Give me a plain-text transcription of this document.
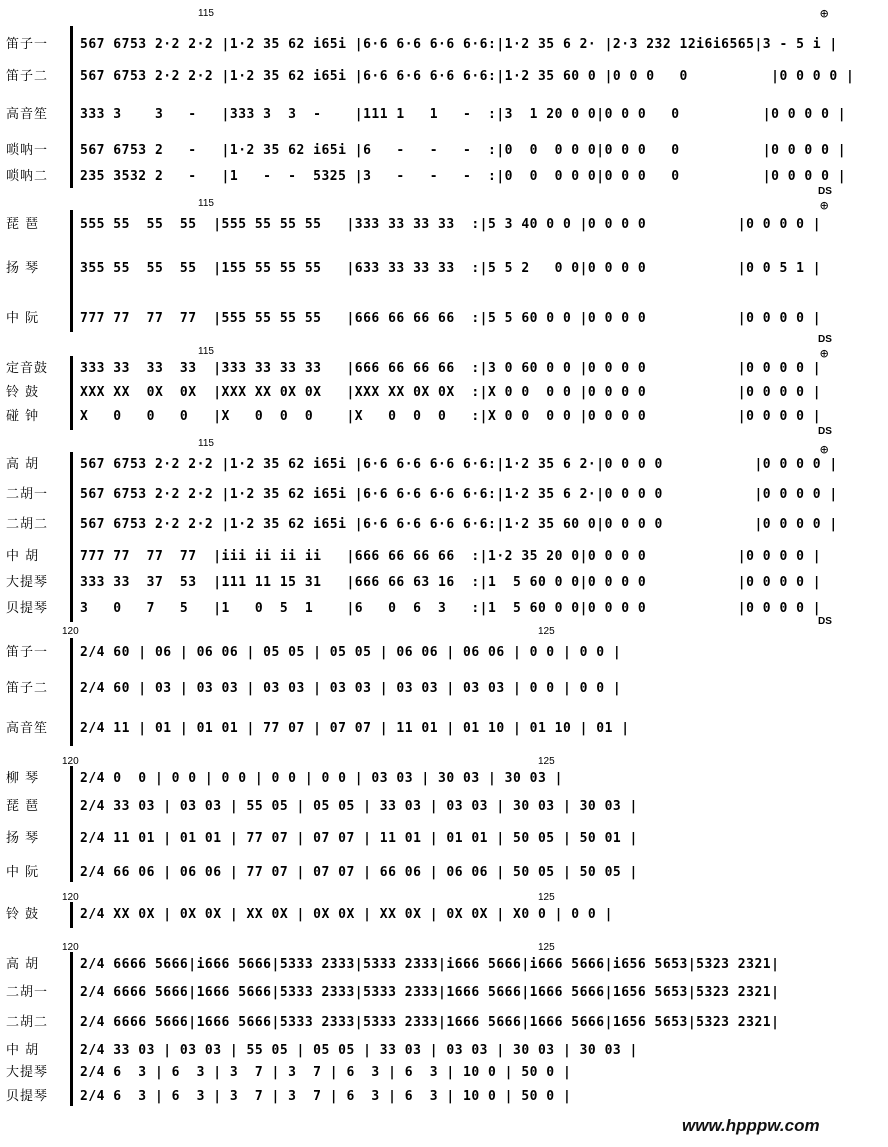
115	⊕
笛子一	567 6753 2·2 2·2 |1·2 35 62 i65i |6·6 6·6 6·6 6·6:|1·2 35 6 2· |2·3 232 12i6i6565|3 - 5 i |
笛子二	567 6753 2·2 2·2 |1·2 35 62 i65i |6·6 6·6 6·6 6·6:|1·2 35 60 0 |0 0 0   0          |0 0 0 0 |
高音笙	333 3    3   -   |333 3  3  -    |111 1   1   -  :|3  1 20 0 0|0 0 0   0          |0 0 0 0 |
唢呐一	567 6753 2   -   |1·2 35 62 i65i |6   -   -   -  :|0  0  0 0 0|0 0 0   0          |0 0 0 0 |
唢呐二	235 3532 2   -   |1   -  -  5325 |3   -   -   -  :|0  0  0 0 0|0 0 0   0          |0 0 0 0 |
DS
115	⊕
琵 琶	555 55  55  55  |555 55 55 55   |333 33 33 33  :|5 3 40 0 0 |0 0 0 0           |0 0 0 0 |
扬 琴	355 55  55  55  |155 55 55 55   |633 33 33 33  :|5 5 2   0 0|0 0 0 0           |0 0 5 1 |
中 阮	777 77  77  77  |555 55 55 55   |666 66 66 66  :|5 5 60 0 0 |0 0 0 0           |0 0 0 0 |
DS
115	⊕
定音鼓	333 33  33  33  |333 33 33 33   |666 66 66 66  :|3 0 60 0 0 |0 0 0 0           |0 0 0 0 |
铃 鼓	XXX XX  0X  0X  |XXX XX 0X 0X   |XXX XX 0X 0X  :|X 0 0  0 0 |0 0 0 0           |0 0 0 0 |
碰 钟	X   0   0   0   |X   0  0  0    |X   0  0  0   :|X 0 0  0 0 |0 0 0 0           |0 0 0 0 |
DS
115	⊕
高 胡	567 6753 2·2 2·2 |1·2 35 62 i65i |6·6 6·6 6·6 6·6:|1·2 35 6 2·|0 0 0 0           |0 0 0 0 |
二胡一	567 6753 2·2 2·2 |1·2 35 62 i65i |6·6 6·6 6·6 6·6:|1·2 35 6 2·|0 0 0 0           |0 0 0 0 |
二胡二	567 6753 2·2 2·2 |1·2 35 62 i65i |6·6 6·6 6·6 6·6:|1·2 35 60 0|0 0 0 0           |0 0 0 0 |
中 胡	777 77  77  77  |iii ii ii ii   |666 66 66 66  :|1·2 35 20 0|0 0 0 0           |0 0 0 0 |
大提琴	333 33  37  53  |111 11 15 31   |666 66 63 16  :|1  5 60 0 0|0 0 0 0           |0 0 0 0 |
贝提琴	3   0   7   5   |1   0  5  1    |6   0  6  3   :|1  5 60 0 0|0 0 0 0           |0 0 0 0 |
DS
120	125
笛子一	2/4 60 | 06 | 06 06 | 05 05 | 05 05 | 06 06 | 06 06 | 0 0 | 0 0 |
笛子二	2/4 60 | 03 | 03 03 | 03 03 | 03 03 | 03 03 | 03 03 | 0 0 | 0 0 |
高音笙	2/4 11 | 01 | 01 01 | 77 07 | 07 07 | 11 01 | 01 10 | 01 10 | 01 |
120	125
柳 琴	2/4 0  0 | 0 0 | 0 0 | 0 0 | 0 0 | 03 03 | 30 03 | 30 03 |
琵 琶	2/4 33 03 | 03 03 | 55 05 | 05 05 | 33 03 | 03 03 | 30 03 | 30 03 |
扬 琴	2/4 11 01 | 01 01 | 77 07 | 07 07 | 11 01 | 01 01 | 50 05 | 50 01 |
中 阮	2/4 66 06 | 06 06 | 77 07 | 07 07 | 66 06 | 06 06 | 50 05 | 50 05 |
120	125
铃 鼓	2/4 XX 0X | 0X 0X | XX 0X | 0X 0X | XX 0X | 0X 0X | X0 0 | 0 0 |
120	125
高 胡	2/4 6666 5666|i666 5666|5333 2333|5333 2333|i666 5666|i666 5666|i656 5653|5323 2321|
二胡一	2/4 6666 5666|1666 5666|5333 2333|5333 2333|1666 5666|1666 5666|1656 5653|5323 2321|
二胡二	2/4 6666 5666|1666 5666|5333 2333|5333 2333|1666 5666|1666 5666|1656 5653|5323 2321|
中 胡	2/4 33 03 | 03 03 | 55 05 | 05 05 | 33 03 | 03 03 | 30 03 | 30 03 |
大提琴	2/4 6  3 | 6  3 | 3  7 | 3  7 | 6  3 | 6  3 | 10 0 | 50 0 |
贝提琴	2/4 6  3 | 6  3 | 3  7 | 3  7 | 6  3 | 6  3 | 10 0 | 50 0 |
www.hpppw.com
